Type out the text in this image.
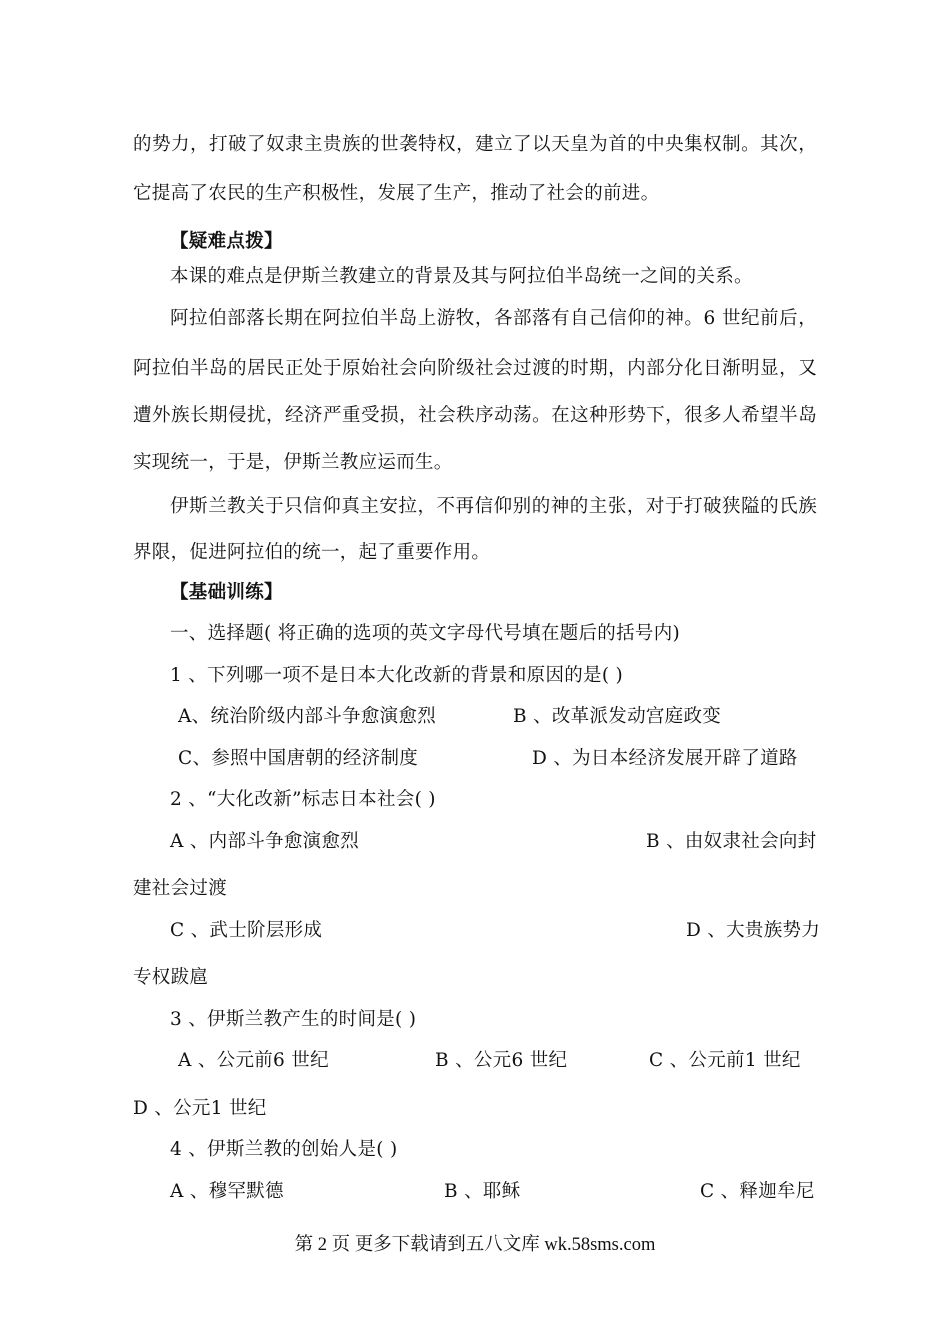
的势力，打破了奴隶主贵族的世袭特权，建立了以天皇为首的中央集权制。其次，
它提高了农民的生产积极性，发展了生产，推动了社会的前进。
【疑难点拨】
本课的难点是伊斯兰教建立的背景及其与阿拉伯半岛统一之间的关系。
阿拉伯部落长期在阿拉伯半岛上游牧，各部落有自己信仰的神。6 世纪前后，
阿拉伯半岛的居民正处于原始社会向阶级社会过渡的时期，内部分化日渐明显，又
遭外族长期侵扰，经济严重受损，社会秩序动荡。在这种形势下，很多人希望半岛
实现统一，于是，伊斯兰教应运而生。
伊斯兰教关于只信仰真主安拉，不再信仰别的神的主张，对于打破狭隘的氏族
界限，促进阿拉伯的统一，起了重要作用。
【基础训练】
一、选择题( 将正确的选项的英文字母代号填在题后的括号内)
1 、下列哪一项不是日本大化改新的背景和原因的是( )
A、统治阶级内部斗争愈演愈烈	B 、改革派发动宫庭政变
C、参照中国唐朝的经济制度	D 、为日本经济发展开辟了道路
2 、“大化改新”标志日本社会( )
A 、内部斗争愈演愈烈	B 、由奴隶社会向封
建社会过渡
C 、武士阶层形成	D 、大贵族势力
专权跋扈
3 、伊斯兰教产生的时间是( )
A 、公元前6 世纪	B 、公元6 世纪	C 、公元前1 世纪
D 、公元1 世纪
4 、伊斯兰教的创始人是( )
A 、穆罕默德	B 、耶稣	C 、释迦牟尼
第 2 页 更多下载请到五八文库 wk.58sms.com
